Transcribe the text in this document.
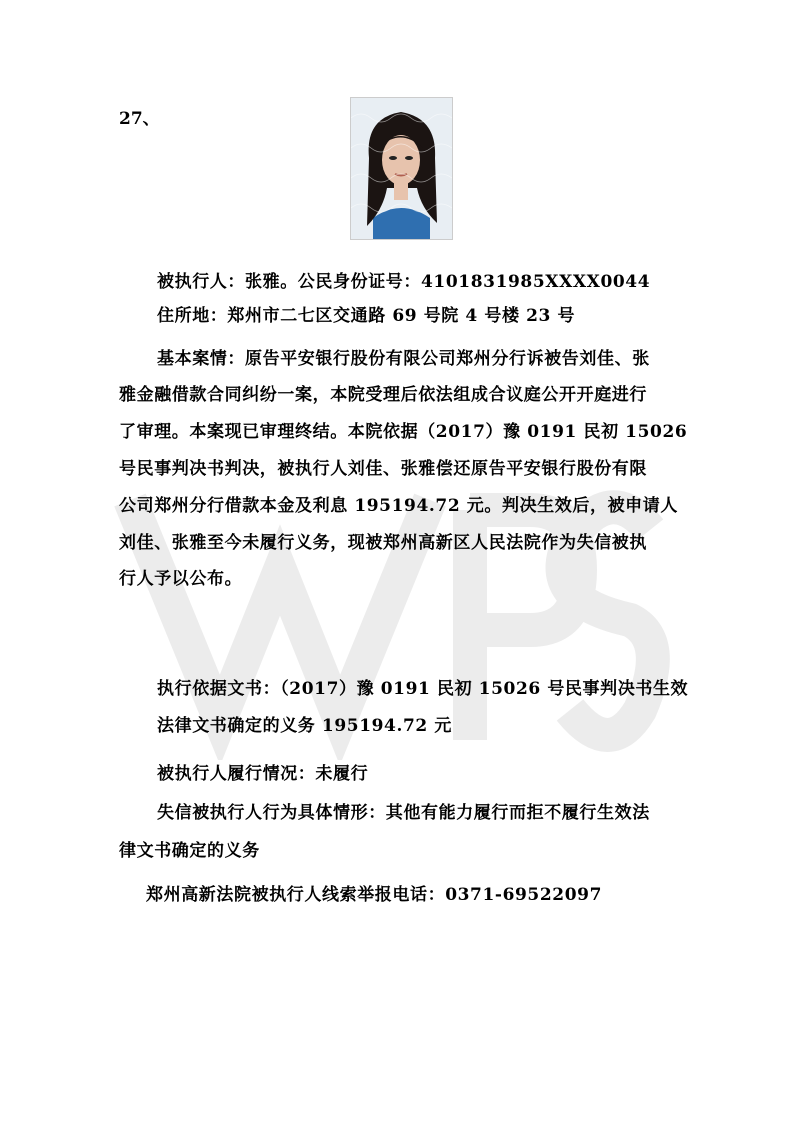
27、
被执行人：张雅。公民身份证号：4101831985XXXX0044
住所地：郑州市二七区交通路 69 号院 4 号楼 23 号
基本案情：原告平安银行股份有限公司郑州分行诉被告刘佳、张
雅金融借款合同纠纷一案，本院受理后依法组成合议庭公开开庭进行
了审理。本案现已审理终结。本院依据（2017）豫 0191 民初 15026
号民事判决书判决，被执行人刘佳、张雅偿还原告平安银行股份有限
公司郑州分行借款本金及利息 195194.72 元。判决生效后，被申请人
刘佳、张雅至今未履行义务，现被郑州高新区人民法院作为失信被执
行人予以公布。
执行依据文书：（2017）豫 0191 民初 15026 号民事判决书生效
法律文书确定的义务 195194.72 元
被执行人履行情况：未履行
失信被执行人行为具体情形：其他有能力履行而拒不履行生效法
律文书确定的义务
郑州高新法院被执行人线索举报电话：0371-69522097
